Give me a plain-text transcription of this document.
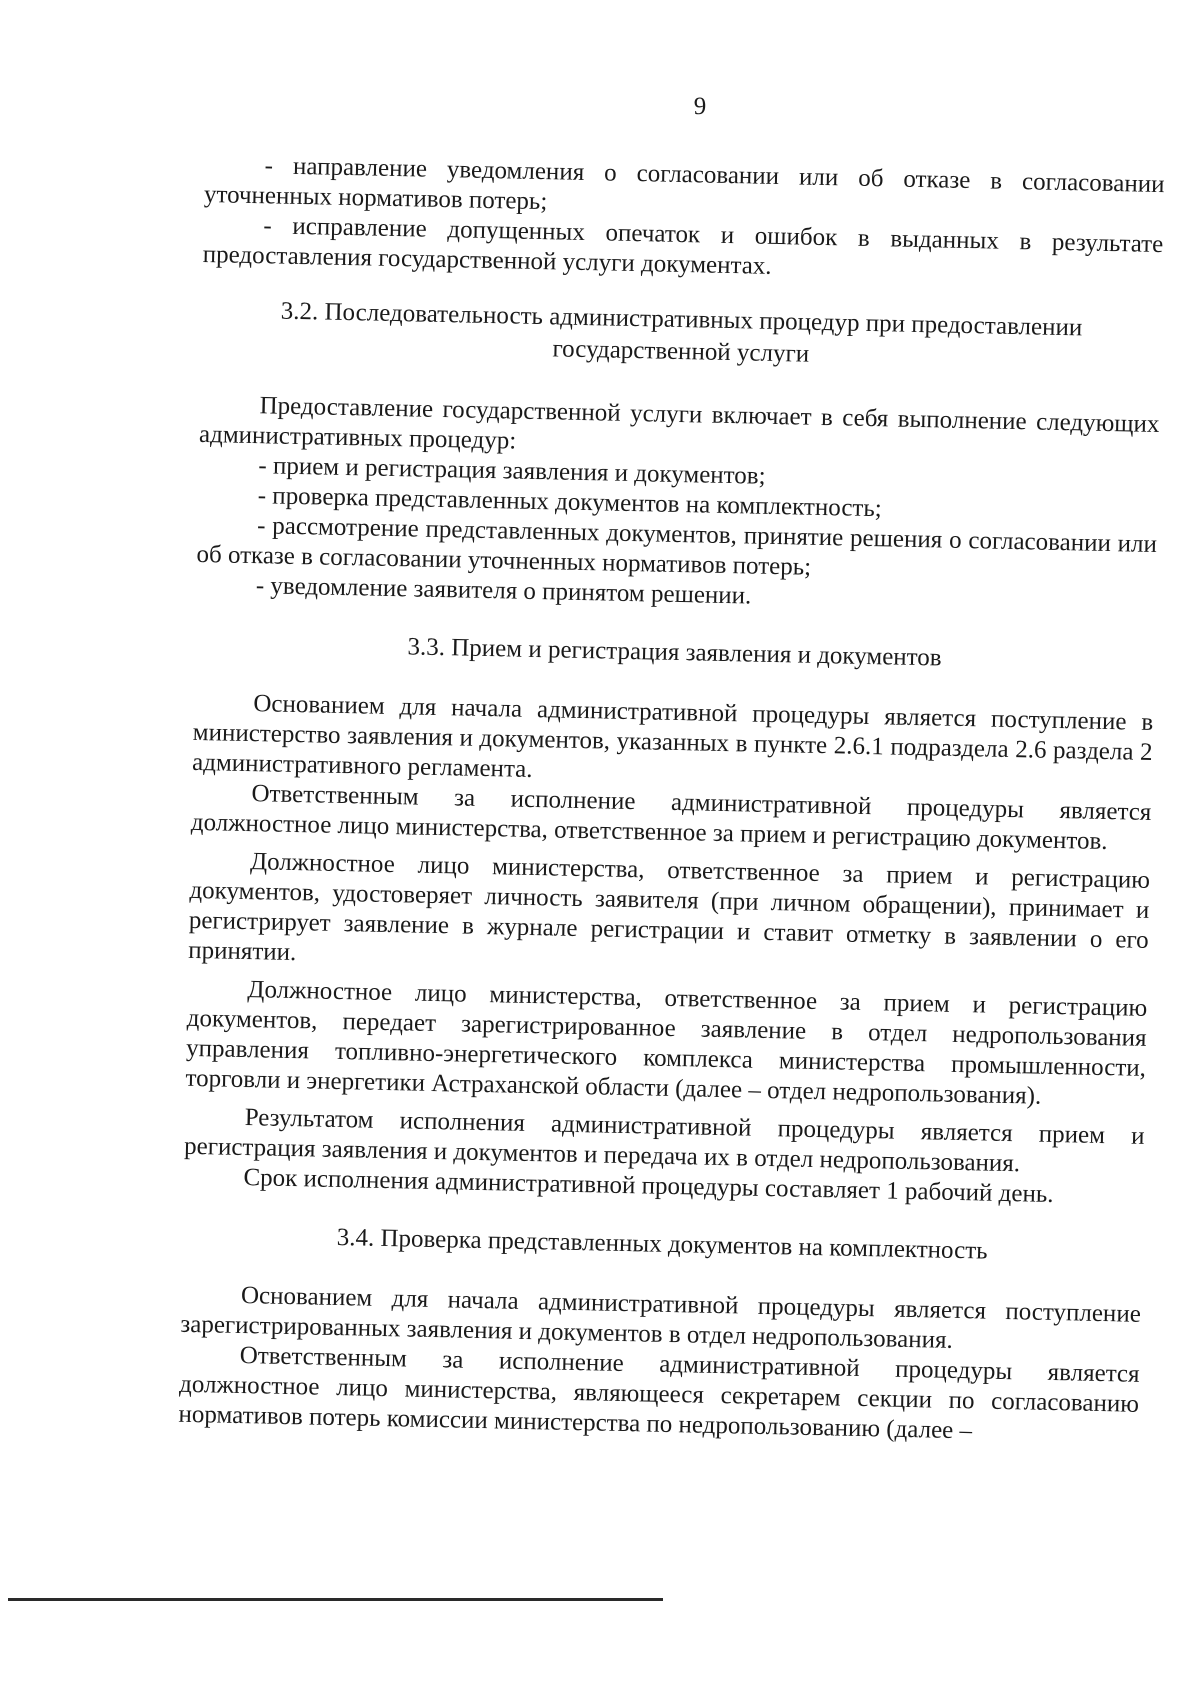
9

- направление уведомления о согласовании или об отказе в согласовании уточненных нормативов потерь;

- исправление допущенных опечаток и ошибок в выданных в результате предоставления государственной услуги документах.

3.2. Последовательность административных процедур при предоставлении государственной услуги

Предоставление государственной услуги включает в себя выполнение следующих административных процедур:

- прием и регистрация заявления и документов;

- проверка представленных документов на комплектность;

- рассмотрение представленных документов, принятие решения о согласовании или об отказе в согласовании уточненных нормативов потерь;

- уведомление заявителя о принятом решении.

3.3. Прием и регистрация заявления и документов

Основанием для начала административной процедуры является поступление в министерство заявления и документов, указанных в пункте 2.6.1 подраздела 2.6 раздела 2 административного регламента.

Ответственным за исполнение административной процедуры является должностное лицо министерства, ответственное за прием и регистрацию документов.

Должностное лицо министерства, ответственное за прием и регистрацию документов, удостоверяет личность заявителя (при личном обращении), принимает и регистрирует заявление в журнале регистрации и ставит отметку в заявлении о его принятии.

Должностное лицо министерства, ответственное за прием и регистрацию документов, передает зарегистрированное заявление в отдел недропользования управления топливно-энергетического комплекса министерства промышленности, торговли и энергетики Астраханской области (далее – отдел недропользования).

Результатом исполнения административной процедуры является прием и регистрация заявления и документов и передача их в отдел недропользования.

Срок исполнения административной процедуры составляет 1 рабочий день.

3.4. Проверка представленных документов на комплектность

Основанием для начала административной процедуры является поступление зарегистрированных заявления и документов в отдел недропользования.

Ответственным за исполнение административной процедуры является должностное лицо министерства, являющееся секретарем секции по согласованию нормативов потерь комиссии министерства по недропользованию (далее –
